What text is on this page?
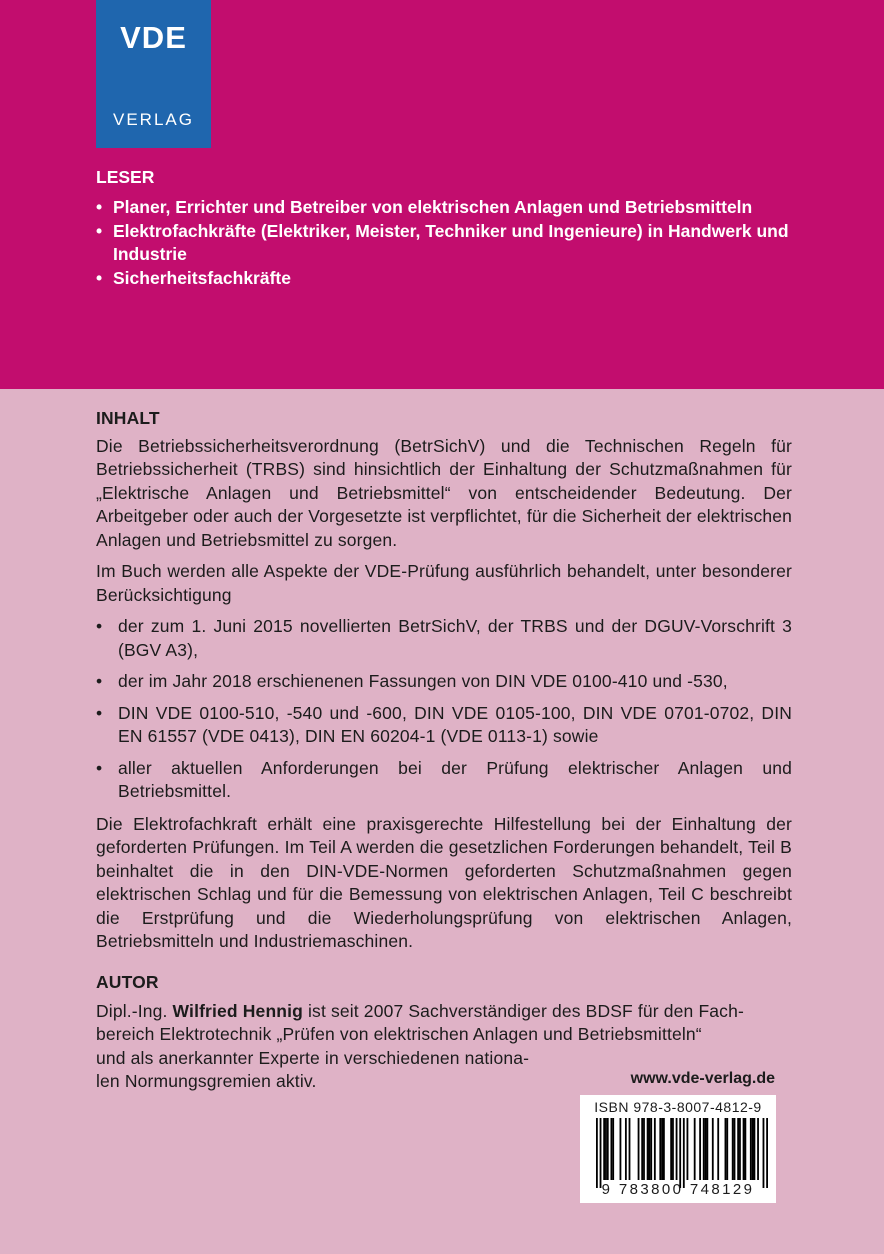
VDE
VERLAG
LESER
• Planer, Errichter und Betreiber von elektrischen Anlagen und Betriebsmitteln
• Elektrofachkräfte (Elektriker, Meister, Techniker und Ingenieure) in Handwerk und Industrie
• Sicherheitsfachkräfte
INHALT

Die Betriebssicherheitsverordnung (BetrSichV) und die Technischen Regeln für Betriebssicherheit (TRBS) sind hinsichtlich der Einhaltung der Schutzmaßnahmen für „Elektrische Anlagen und Betriebsmittel“ von entscheidender Bedeutung. Der Arbeitgeber oder auch der Vorgesetzte ist verpflichtet, für die Sicherheit der elektrischen Anlagen und Betriebsmittel zu sorgen.

Im Buch werden alle Aspekte der VDE-Prüfung ausführlich behandelt, unter besonderer Berücksichtigung

• der zum 1. Juni 2015 novellierten BetrSichV, der TRBS und der DGUV-Vorschrift 3 (BGV A3),
• der im Jahr 2018 erschienenen Fassungen von DIN VDE 0100-410 und -530,
• DIN VDE 0100-510, -540 und -600, DIN VDE 0105-100, DIN VDE 0701-0702, DIN EN 61557 (VDE 0413), DIN EN 60204-1 (VDE 0113-1) sowie
• aller aktuellen Anforderungen bei der Prüfung elektrischer Anlagen und Betriebsmittel.

Die Elektrofachkraft erhält eine praxisgerechte Hilfestellung bei der Einhaltung der geforderten Prüfungen. Im Teil A werden die gesetzlichen Forderungen behandelt, Teil B beinhaltet die in den DIN-VDE-Normen geforderten Schutzmaßnahmen gegen elektrischen Schlag und für die Bemessung von elektrischen Anlagen, Teil C beschreibt die Erstprüfung und die Wiederholungsprüfung von elektrischen Anlagen, Betriebsmitteln und Industriemaschinen.

AUTOR

Dipl.-Ing. Wilfried Hennig ist seit 2007 Sachverständiger des BDSF für den Fach-
bereich Elektrotechnik „Prüfen von elektrischen Anlagen und Betriebsmitteln“
und als anerkannter Experte in verschiedenen nationa-
len Normungsgremien aktiv.	www.vde-verlag.de
ISBN 978-3-8007-4812-9
9 783800 748129
